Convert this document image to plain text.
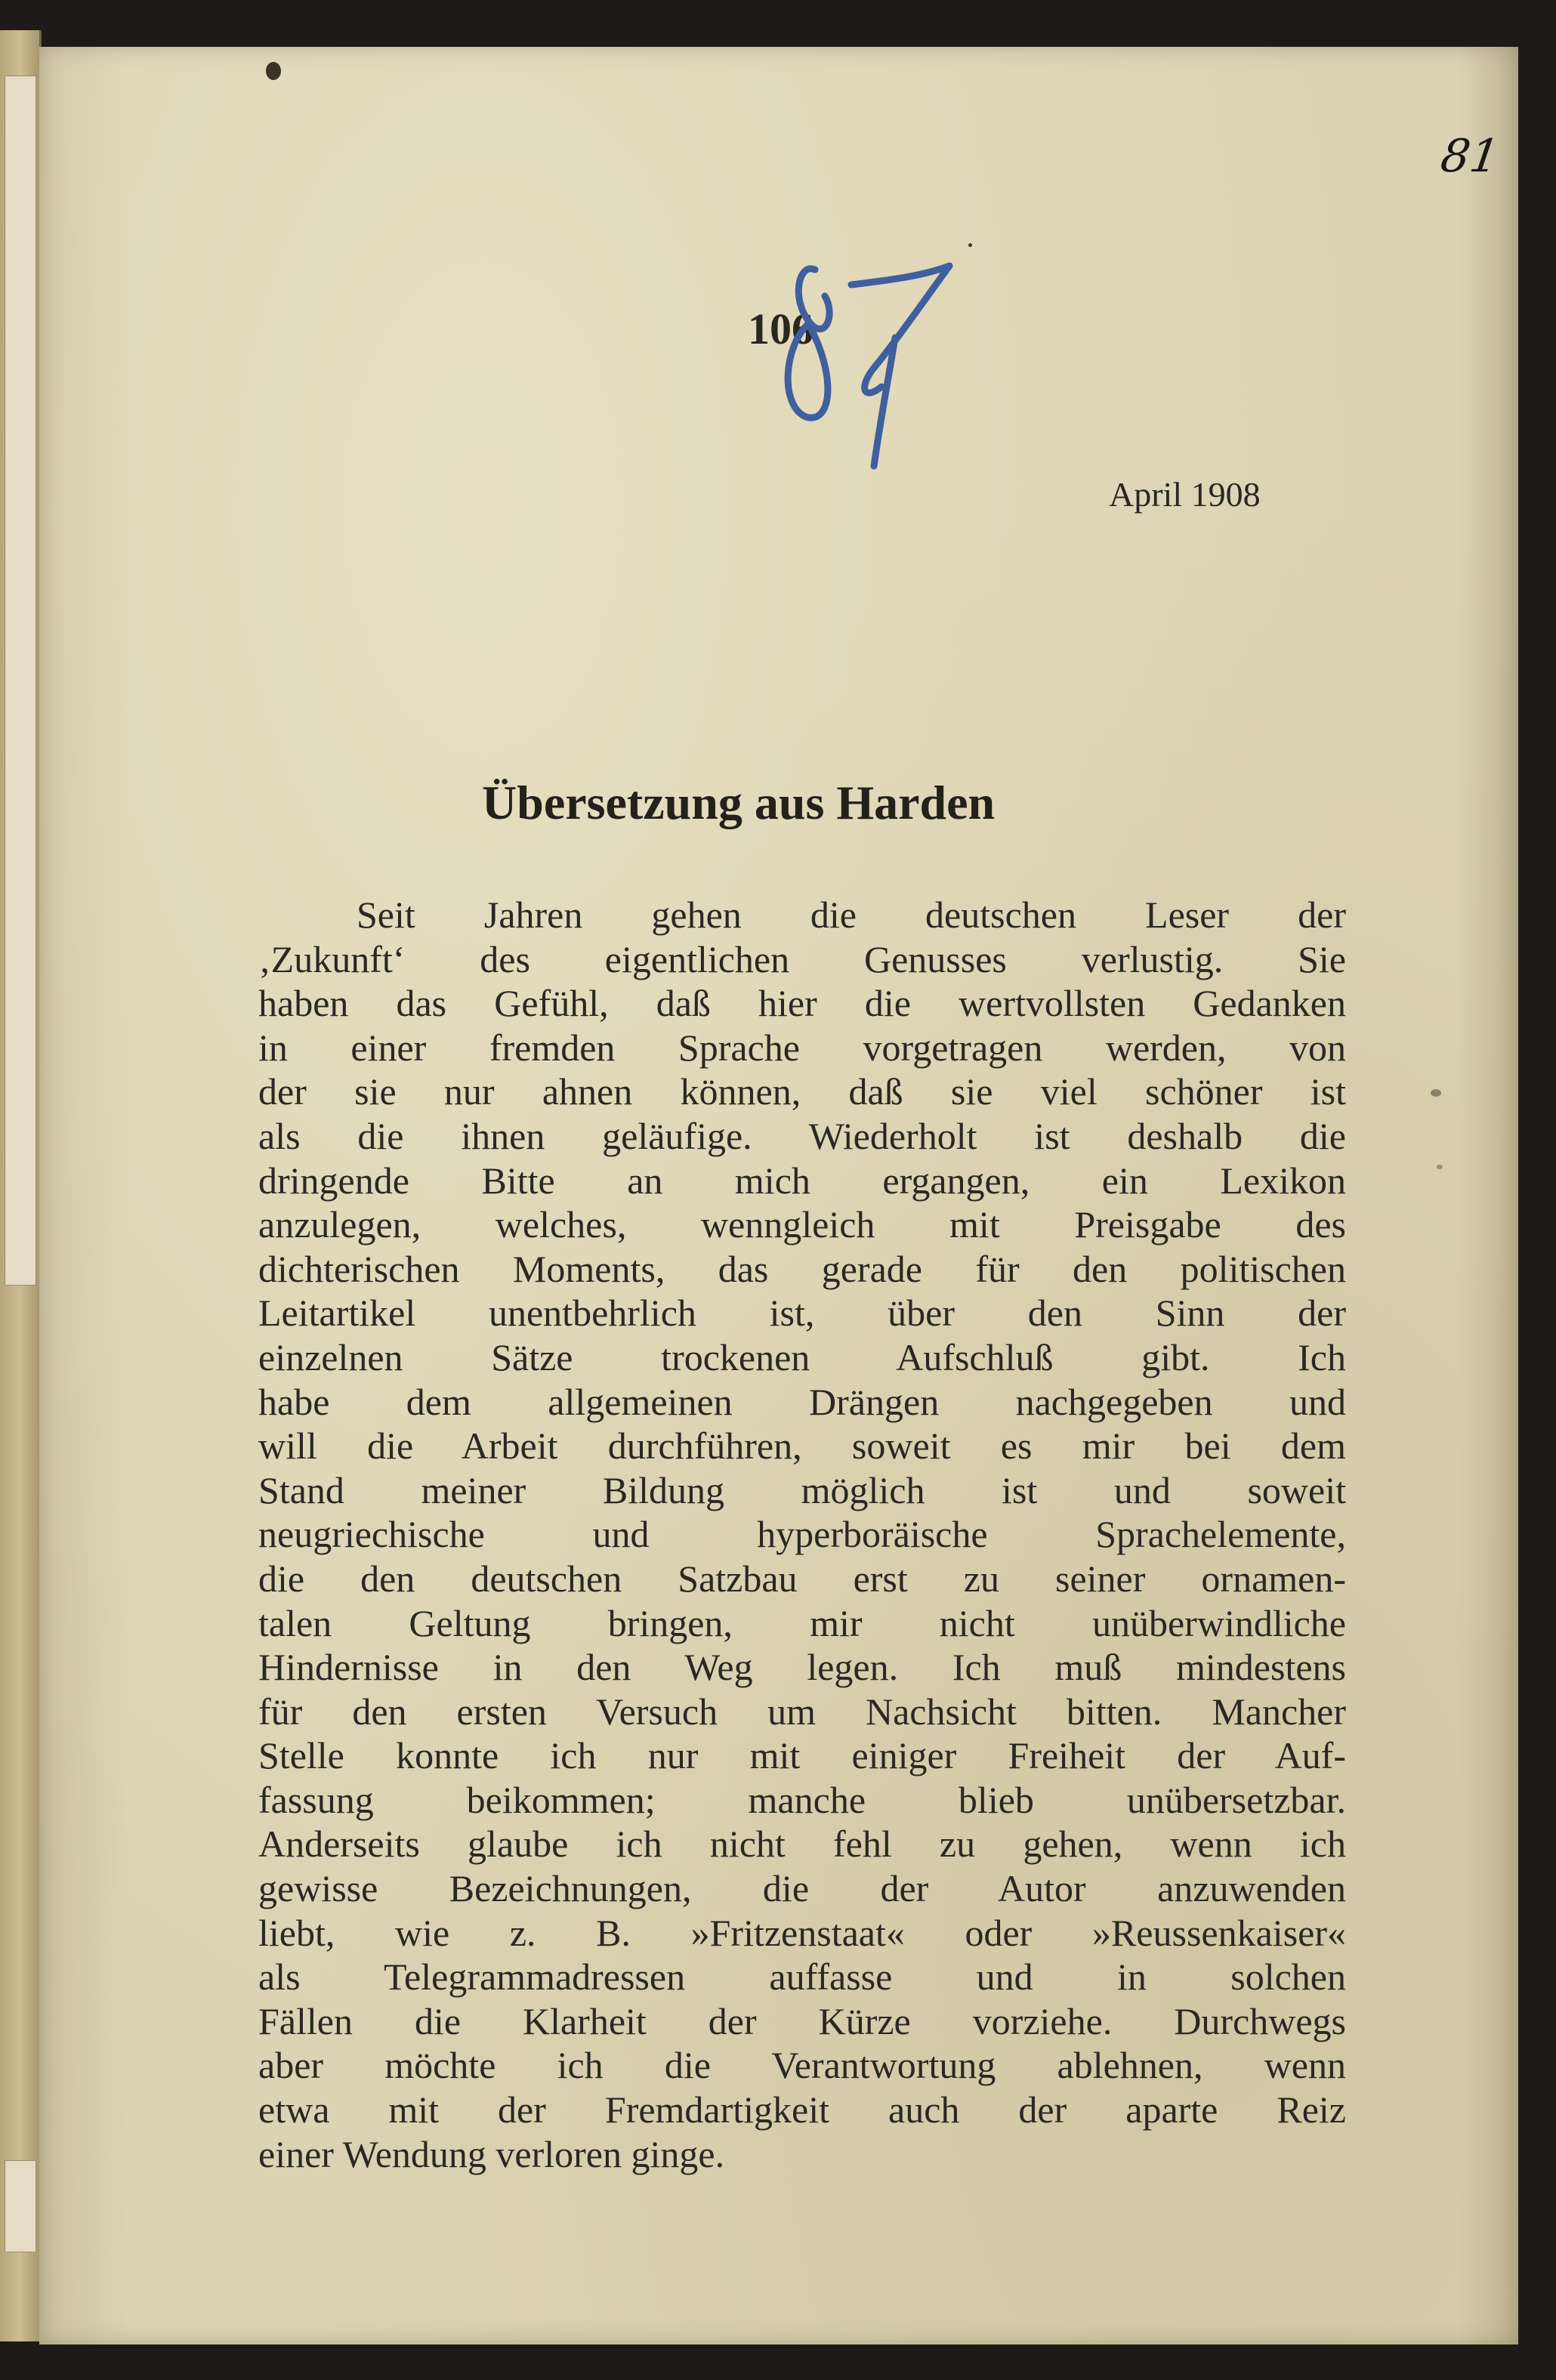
81
106
April 1908
Übersetzung aus Harden
Seit Jahren gehen die deutschen Leser der
‚Zukunft‘ des eigentlichen Genusses verlustig. Sie
haben das Gefühl, daß hier die wertvollsten Gedanken
in einer fremden Sprache vorgetragen werden, von
der sie nur ahnen können, daß sie viel schöner ist
als die ihnen geläufige. Wiederholt ist deshalb die
dringende Bitte an mich ergangen, ein Lexikon
anzulegen, welches, wenngleich mit Preisgabe des
dichterischen Moments, das gerade für den politischen
Leitartikel unentbehrlich ist, über den Sinn der
einzelnen Sätze trockenen Aufschluß gibt. Ich
habe dem allgemeinen Drängen nachgegeben und
will die Arbeit durchführen, soweit es mir bei dem
Stand meiner Bildung möglich ist und soweit
neugriechische und hyperboräische Sprachelemente,
die den deutschen Satzbau erst zu seiner ornamen-
talen Geltung bringen, mir nicht unüberwindliche
Hindernisse in den Weg legen. Ich muß mindestens
für den ersten Versuch um Nachsicht bitten. Mancher
Stelle konnte ich nur mit einiger Freiheit der Auf-
fassung beikommen; manche blieb unübersetzbar.
Anderseits glaube ich nicht fehl zu gehen, wenn ich
gewisse Bezeichnungen, die der Autor anzuwenden
liebt, wie z. B. »Fritzenstaat« oder »Reussenkaiser«
als Telegrammadressen auffasse und in solchen
Fällen die Klarheit der Kürze vorziehe. Durchwegs
aber möchte ich die Verantwortung ablehnen, wenn
etwa mit der Fremdartigkeit auch der aparte Reiz
einer Wendung verloren ginge.
